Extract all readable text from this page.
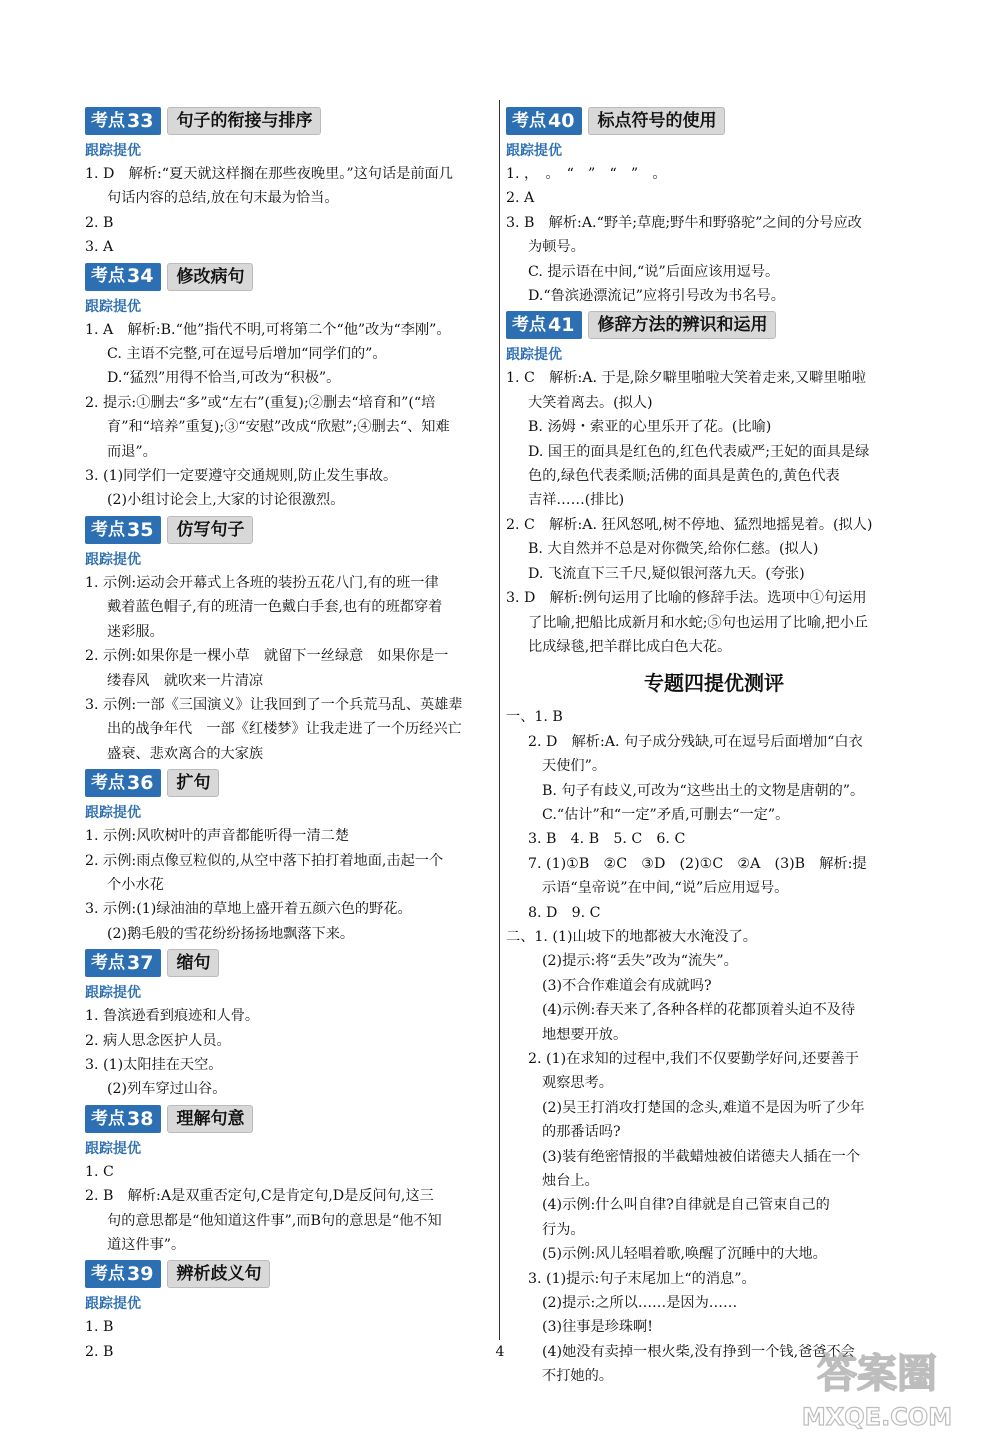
考点 33	句子的衔接与排序
跟踪提优

1. D　解析:“夏天就这样搁在那些夜晚里。”这句话是前面几

句话内容的总结,放在句末最为恰当。

2. B

3. A

考点 34	修改病句
跟踪提优

1. A　解析:B.“他”指代不明,可将第二个“他”改为“李刚”。

C. 主语不完整,可在逗号后增加“同学们的”。

D.“猛烈”用得不恰当,可改为“积极”。

2. 提示:①删去“多”或“左右”(重复);②删去“培育和”(“培

育”和“培养”重复);③“安慰”改成“欣慰”;④删去“、知难

而退”。

3. (1)同学们一定要遵守交通规则,防止发生事故。

(2)小组讨论会上,大家的讨论很激烈。

考点 35	仿写句子
跟踪提优

1. 示例:运动会开幕式上各班的装扮五花八门,有的班一律

戴着蓝色帽子,有的班清一色戴白手套,也有的班都穿着

迷彩服。

2. 示例:如果你是一棵小草　就留下一丝绿意　如果你是一

缕春风　就吹来一片清凉

3. 示例:一部《三国演义》让我回到了一个兵荒马乱、英雄辈

出的战争年代　一部《红楼梦》让我走进了一个历经兴亡

盛衰、悲欢离合的大家族

考点 36	扩句
跟踪提优

1. 示例:风吹树叶的声音都能听得一清二楚

2. 示例:雨点像豆粒似的,从空中落下拍打着地面,击起一个

个小水花

3. 示例:(1)绿油油的草地上盛开着五颜六色的野花。

(2)鹅毛般的雪花纷纷扬扬地飘落下来。

考点 37	缩句
跟踪提优

1. 鲁滨逊看到痕迹和人骨。

2. 病人思念医护人员。

3. (1)太阳挂在天空。

(2)列车穿过山谷。

考点 38	理解句意
跟踪提优

1. C

2. B　解析:A是双重否定句,C是肯定句,D是反问句,这三

句的意思都是“他知道这件事”,而B句的意思是“他不知

道这件事”。

考点 39	辨析歧义句
跟踪提优

1. B

2. B

考点 40	标点符号的使用
跟踪提优

1. ，　。　“　”　“　”　。

2. A

3. B　解析:A.“野羊;草鹿;野牛和野骆驼”之间的分号应改

为顿号。

C. 提示语在中间,“说”后面应该用逗号。

D.“鲁滨逊漂流记”应将引号改为书名号。

考点 41	修辞方法的辨识和运用
跟踪提优

1. C　解析:A. 于是,除夕噼里啪啦大笑着走来,又噼里啪啦

大笑着离去。(拟人)

B. 汤姆・索亚的心里乐开了花。(比喻)

D. 国王的面具是红色的,红色代表威严;王妃的面具是绿

色的,绿色代表柔顺;活佛的面具是黄色的,黄色代表

吉祥……(排比)

2. C　解析:A. 狂风怒吼,树不停地、猛烈地摇晃着。(拟人)

B. 大自然并不总是对你微笑,给你仁慈。(拟人)

D. 飞流直下三千尺,疑似银河落九天。(夸张)

3. D　解析:例句运用了比喻的修辞手法。选项中①句运用

了比喻,把船比成新月和水蛇;⑤句也运用了比喻,把小丘

比成绿毯,把羊群比成白色大花。

专题四提优测评

一、1. B

2. D　解析:A. 句子成分残缺,可在逗号后面增加“白衣

天使们”。

B. 句子有歧义,可改为“这些出土的文物是唐朝的”。

C.“估计”和“一定”矛盾,可删去“一定”。

3. B　4. B　5. C　6. C

7. (1)①B　②C　③D　(2)①C　②A　(3)B　解析:提

示语“皇帝说”在中间,“说”后应用逗号。

8. D　9. C

二、1. (1)山坡下的地都被大水淹没了。

(2)提示:将“丢失”改为“流失”。

(3)不合作难道会有成就吗?

(4)示例:春天来了,各种各样的花都顶着头迫不及待

地想要开放。

2. (1)在求知的过程中,我们不仅要勤学好问,还要善于

观察思考。

(2)吴王打消攻打楚国的念头,难道不是因为听了少年

的那番话吗?

(3)装有绝密情报的半截蜡烛被伯诺德夫人插在一个

烛台上。

(4)示例:什么叫自律?自律就是自己管束自己的

行为。

(5)示例:风儿轻唱着歌,唤醒了沉睡中的大地。

3. (1)提示:句子末尾加上“的消息”。

(2)提示:之所以……是因为……

(3)往事是珍珠啊!

(4)她没有卖掉一根火柴,没有挣到一个钱,爸爸不会

不打她的。

4	答案圈
MXQE.COM
